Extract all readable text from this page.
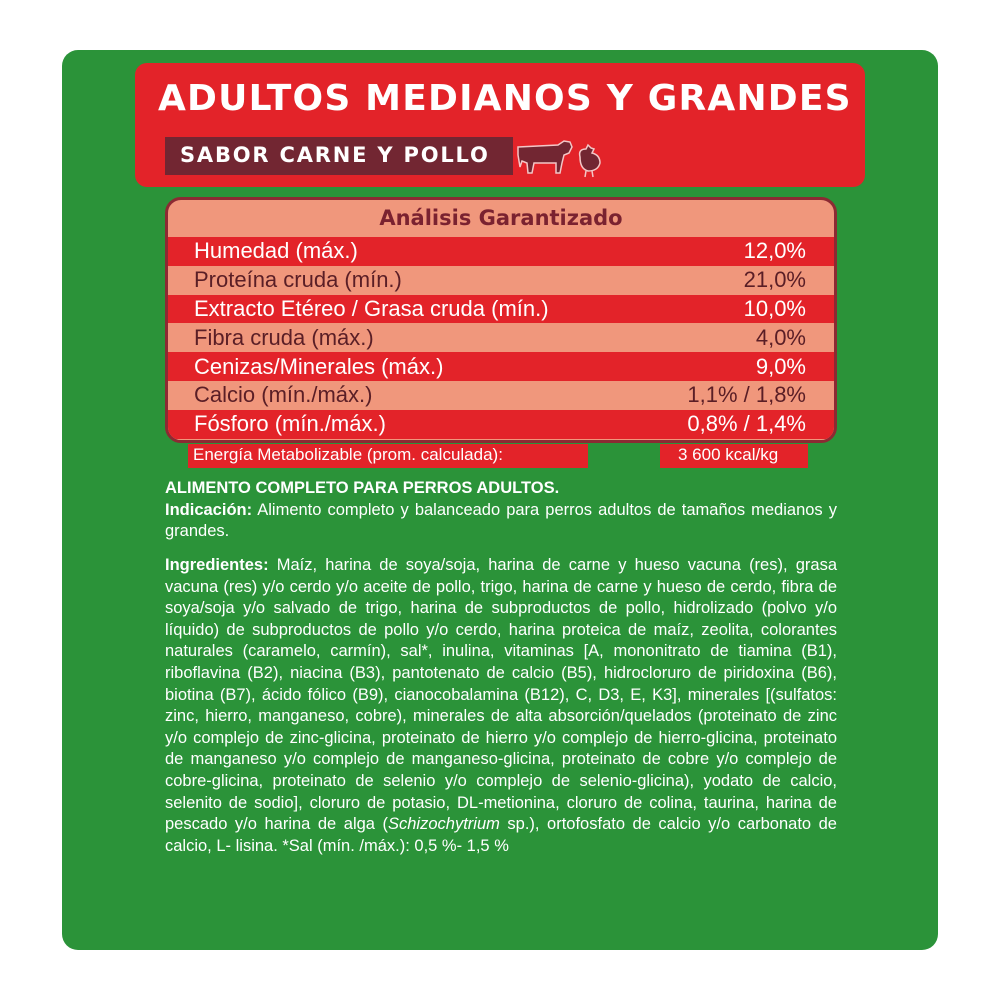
ADULTOS MEDIANOS Y GRANDES
SABOR CARNE Y POLLO
Análisis Garantizado
Humedad (máx.)	12,0%
Proteína cruda (mín.)	21,0%
Extracto Etéreo / Grasa cruda (mín.)	10,0%
Fibra cruda (máx.)	4,0%
Cenizas/Minerales (máx.)	9,0%
Calcio (mín./máx.)	1,1% / 1,8%
Fósforo (mín./máx.)	0,8% / 1,4%
Energía Metabolizable (prom. calculada):	3 600 kcal/kg
ALIMENTO COMPLETO PARA PERROS ADULTOS.
Indicación: Alimento completo y balanceado para perros adultos de tamaños medianos y grandes.
Ingredientes: Maíz, harina de soya/soja, harina de carne y hueso vacuna (res), grasa vacuna (res) y/o cerdo y/o aceite de pollo, trigo, harina de carne y hueso de cerdo, fibra de soya/soja y/o salvado de trigo, harina de subproductos de pollo, hidrolizado (polvo y/o líquido) de subproductos de pollo y/o cerdo, harina proteica de maíz, zeolita, colorantes naturales (caramelo, carmín), sal*, inulina, vitaminas [A, mononitrato de tiamina (B1), riboflavina (B2), niacina (B3), pantotenato de calcio (B5), hidrocloruro de piridoxina (B6), biotina (B7), ácido fólico (B9), cianocobalamina (B12), C, D3, E, K3], minerales [(sulfatos: zinc, hierro, manganeso, cobre), minerales de alta absorción/quelados (proteinato de zinc y/o complejo de zinc-glicina, proteinato de hierro y/o complejo de hierro-glicina, proteinato de manganeso y/o complejo de manganeso-glicina, proteinato de cobre y/o complejo de cobre-glicina, proteinato de selenio y/o complejo de selenio-glicina), yodato de calcio, selenito de sodio], cloruro de potasio, DL-metionina, cloruro de colina, taurina, harina de pescado y/o harina de alga (Schizochytrium sp.), ortofosfato de calcio y/o carbonato de calcio, L- lisina. *Sal (mín. /máx.): 0,5 %- 1,5 %
